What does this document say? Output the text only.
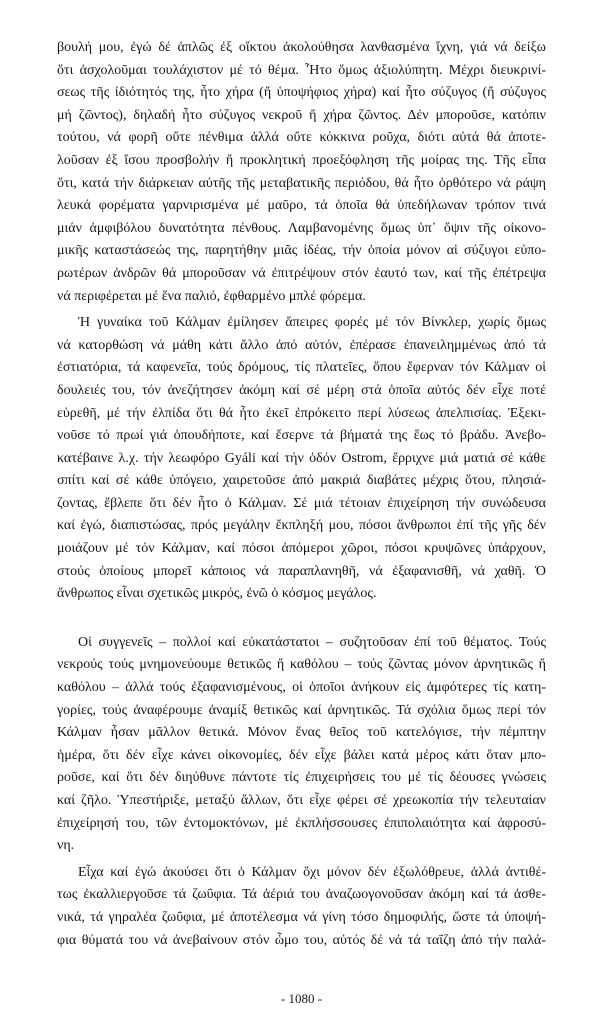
βουλή μου, ἐγώ δέ ἁπλῶς ἐξ οἴκτου ἀκολούθησα λανθασμένα ἴχνη, γιά νά δείξω
ὅτι ἀσχολοῦμαι τουλάχιστον μέ τό θέμα. Ἦτο ὅμως ἀξιολύπητη. Μέχρι διευκρινί-
σεως τῆς ἰδιότητός της, ἦτο χήρα (ἤ ὑποψήφιος χήρα) καί ἦτο σύζυγος (ἤ σύζυγος
μή ζῶντος), δηλαδή ἦτο σύζυγος νεκροῦ ἤ χήρα ζῶντος. Δέν μποροῦσε, κατόπιν
τούτου, νά φορῆ οὔτε πένθιμα ἀλλά οὔτε κόκκινα ροῦχα, διότι αὐτά θά ἀποτε-
λοῦσαν ἐξ ἴσου προσβολήν ἤ προκλητική προεξόφληση τῆς μοίρας της. Τῆς εἶπα
ὅτι, κατά τήν διάρκειαν αὐτῆς τῆς μεταβατικῆς περιόδου, θά ἦτο ὀρθότερο νά ράψη
λευκά φορέματα γαρνιρισμένα μέ μαῦρο, τά ὁποῖα θά ὑπεδήλωναν τρόπον τινά
μιάν ἀμφιβόλου δυνατότητα πένθους. Λαμβανομένης ὅμως ὑπ᾽ ὄψιν τῆς οἰκονο-
μικῆς καταστάσεώς της, παρητήθην μιᾶς ἰδέας, τήν ὁποία μόνον αἱ σύζυγοι εὐπο-
ρωτέρων ἀνδρῶν θά μποροῦσαν νά ἐπιτρέψουν στόν ἑαυτό των, καί τῆς ἐπέτρεψα
νά περιφέρεται μέ ἕνα παλιό, ἐφθαρμένο μπλέ φόρεμα.
Ἡ γυναίκα τοῦ Κάλμαν ἐμίλησεν ἄπειρες φορές μέ τόν Βίνκλερ, χωρίς ὅμως
νά κατορθώση νά μάθη κάτι ἄλλο ἀπό αὐτόν, ἐπέρασε ἐπανειλημμένως ἀπό τά
ἐστιατόρια, τά καφενεῖα, τούς δρόμους, τίς πλατεῖες, ὅπου ἔφερναν τόν Κάλμαν οἱ
δουλειές του, τόν ἀνεζήτησεν ἀκόμη καί σέ μέρη στά ὁποῖα αὐτός δέν εἶχε ποτέ
εὑρεθῆ, μέ τήν ἐλπίδα ὅτι θά ἦτο ἐκεῖ ἐπρόκειτο περί λύσεως ἀπελπισίας. Ἐξεκι-
νοῦσε τό πρωί γιά ὁπουδήποτε, καί ἔσερνε τά βήματά της ἕως τό βράδυ. Ἀνεβο-
κατέβαινε λ.χ. τήν λεωφόρο Gyáli καί τήν ὁδόν Ostrom, ἔρριχνε μιά ματιά σέ κάθε
σπίτι καί σέ κάθε ὑπόγειο, χαιρετοῦσε ἀπό μακριά διαβάτες μέχρις ὅτου, πλησιά-
ζοντας, ἔβλεπε ὅτι δέν ἦτο ὁ Κάλμαν. Σέ μιά τέτοιαν ἐπιχείρηση τήν συνώδευσα
καί ἐγώ, διαπιστώσας, πρός μεγάλην ἔκπληξή μου, πόσοι ἄνθρωποι ἐπί τῆς γῆς δέν
μοιάζουν μέ τόν Κάλμαν, καί πόσοι ἀπόμεροι χῶροι, πόσοι κρυψῶνες ὑπάρχουν,
στούς ὁποίους μπορεῖ κάποιος νά παραπλανηθῆ, νά ἐξαφανισθῆ, νά χαθῆ. Ὁ
ἄνθρωπος εἶναι σχετικῶς μικρός, ἐνῶ ὁ κόσμος μεγάλος.
Οἱ συγγενεῖς – πολλοί καί εὐκατάστατοι – συζητοῦσαν ἐπί τοῦ θέματος. Τούς
νεκρούς τούς μνημονεύουμε θετικῶς ἤ καθόλου – τούς ζῶντας μόνον ἀρνητικῶς ἤ
καθόλου – ἀλλά τούς ἐξαφανισμένους, οἱ ὁποῖοι ἀνήκουν εἰς ἀμφότερες τίς κατη-
γορίες, τούς ἀναφέρουμε ἀναμίξ θετικῶς καί ἀρνητικῶς. Τά σχόλια ὅμως περί τόν
Κάλμαν ἦσαν μᾶλλον θετικά. Μόνον ἕνας θεῖος τοῦ κατελόγισε, τήν πέμπτην
ἡμέρα, ὅτι δέν εἶχε κάνει οἰκονομίες, δέν εἶχε βάλει κατά μέρος κάτι ὅταν μπο-
ροῦσε, καί ὅτι δέν διηύθυνε πάντοτε τίς ἐπιχειρήσεις του μέ τίς δέουσες γνώσεις
καί ζῆλο. Ὑπεστήριξε, μεταξύ ἄλλων, ὅτι εἶχε φέρει σέ χρεωκοπία τήν τελευταίαν
ἐπιχείρησή του, τῶν ἐντομοκτόνων, μέ ἐκπλήσσουσες ἐπιπολαιότητα καί ἀφροσύ-
νη.
Εἶχα καί ἐγώ ἀκούσει ὅτι ὁ Κάλμαν ὄχι μόνον δέν ἐξωλόθρευε, ἀλλά ἀντιθέ-
τως ἐκαλλιεργοῦσε τά ζωΰφια. Τά ἀέριά του ἀναζωογονοῦσαν ἀκόμη καί τά ἀσθε-
νικά, τά γηραλέα ζωΰφια, μέ ἀποτέλεσμα νά γίνη τόσο δημοφιλής, ὥστε τά ὑποψή-
φια θύματά του νά ἀνεβαίνουν στόν ὦμο του, αὐτός δέ νά τά ταΐζη ἀπό τήν παλά-
- 1080 -
